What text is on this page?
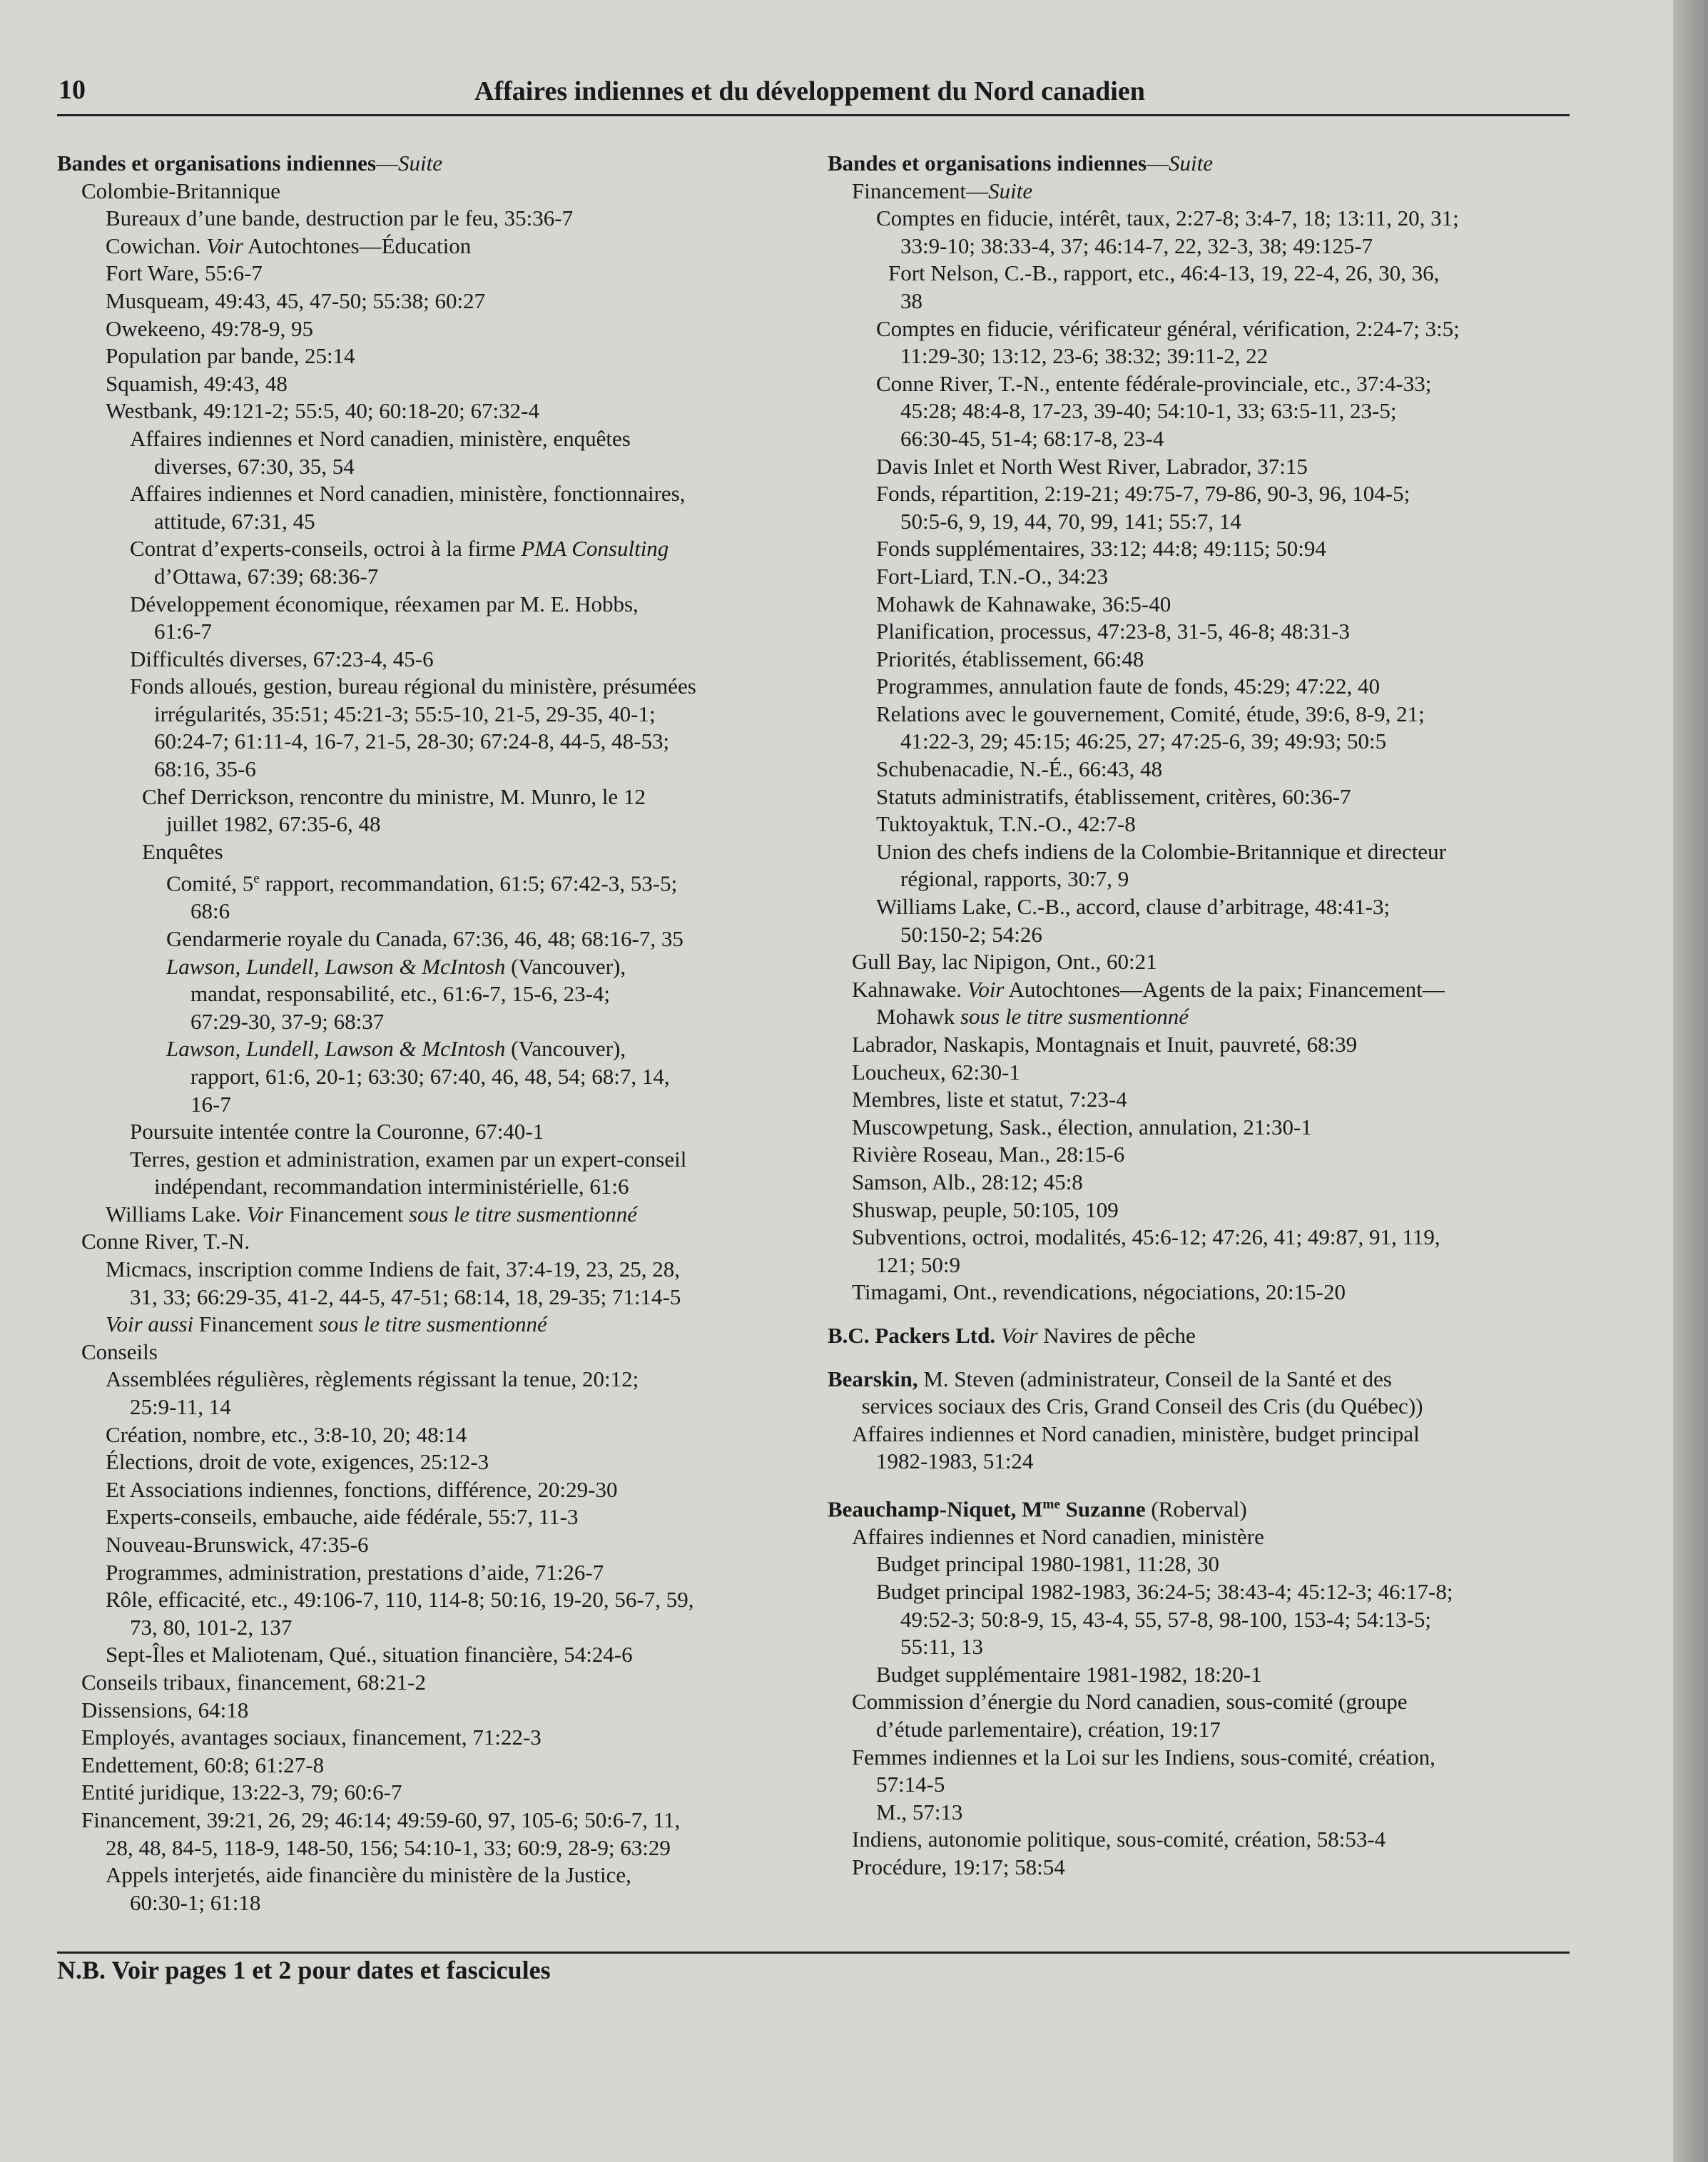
10	Affaires indiennes et du développement du Nord canadien
Bandes et organisations indiennes—Suite
Colombie-Britannique
Bureaux d’une bande, destruction par le feu, 35:36-7
Cowichan. Voir Autochtones—Éducation
Fort Ware, 55:6-7
Musqueam, 49:43, 45, 47-50; 55:38; 60:27
Owekeeno, 49:78-9, 95
Population par bande, 25:14
Squamish, 49:43, 48
Westbank, 49:121-2; 55:5, 40; 60:18-20; 67:32-4
Affaires indiennes et Nord canadien, ministère, enquêtes
diverses, 67:30, 35, 54
Affaires indiennes et Nord canadien, ministère, fonctionnaires,
attitude, 67:31, 45
Contrat d’experts-conseils, octroi à la firme PMA Consulting
d’Ottawa, 67:39; 68:36-7
Développement économique, réexamen par M. E. Hobbs,
61:6-7
Difficultés diverses, 67:23-4, 45-6
Fonds alloués, gestion, bureau régional du ministère, présumées
irrégularités, 35:51; 45:21-3; 55:5-10, 21-5, 29-35, 40-1;
60:24-7; 61:11-4, 16-7, 21-5, 28-30; 67:24-8, 44-5, 48-53;
68:16, 35-6
Chef Derrickson, rencontre du ministre, M. Munro, le 12
juillet 1982, 67:35-6, 48
Enquêtes
Comité, 5e rapport, recommandation, 61:5; 67:42-3, 53-5;
68:6
Gendarmerie royale du Canada, 67:36, 46, 48; 68:16-7, 35
Lawson, Lundell, Lawson & McIntosh (Vancouver),
mandat, responsabilité, etc., 61:6-7, 15-6, 23-4;
67:29-30, 37-9; 68:37
Lawson, Lundell, Lawson & McIntosh (Vancouver),
rapport, 61:6, 20-1; 63:30; 67:40, 46, 48, 54; 68:7, 14,
16-7
Poursuite intentée contre la Couronne, 67:40-1
Terres, gestion et administration, examen par un expert-conseil
indépendant, recommandation interministérielle, 61:6
Williams Lake. Voir Financement sous le titre susmentionné
Conne River, T.-N.
Micmacs, inscription comme Indiens de fait, 37:4-19, 23, 25, 28,
31, 33; 66:29-35, 41-2, 44-5, 47-51; 68:14, 18, 29-35; 71:14-5
Voir aussi Financement sous le titre susmentionné
Conseils
Assemblées régulières, règlements régissant la tenue, 20:12;
25:9-11, 14
Création, nombre, etc., 3:8-10, 20; 48:14
Élections, droit de vote, exigences, 25:12-3
Et Associations indiennes, fonctions, différence, 20:29-30
Experts-conseils, embauche, aide fédérale, 55:7, 11-3
Nouveau-Brunswick, 47:35-6
Programmes, administration, prestations d’aide, 71:26-7
Rôle, efficacité, etc., 49:106-7, 110, 114-8; 50:16, 19-20, 56-7, 59,
73, 80, 101-2, 137
Sept-Îles et Maliotenam, Qué., situation financière, 54:24-6
Conseils tribaux, financement, 68:21-2
Dissensions, 64:18
Employés, avantages sociaux, financement, 71:22-3
Endettement, 60:8; 61:27-8
Entité juridique, 13:22-3, 79; 60:6-7
Financement, 39:21, 26, 29; 46:14; 49:59-60, 97, 105-6; 50:6-7, 11,
28, 48, 84-5, 118-9, 148-50, 156; 54:10-1, 33; 60:9, 28-9; 63:29
Appels interjetés, aide financière du ministère de la Justice,
60:30-1; 61:18
Bandes et organisations indiennes—Suite
Financement—Suite
Comptes en fiducie, intérêt, taux, 2:27-8; 3:4-7, 18; 13:11, 20, 31;
33:9-10; 38:33-4, 37; 46:14-7, 22, 32-3, 38; 49:125-7
Fort Nelson, C.-B., rapport, etc., 46:4-13, 19, 22-4, 26, 30, 36,
38
Comptes en fiducie, vérificateur général, vérification, 2:24-7; 3:5;
11:29-30; 13:12, 23-6; 38:32; 39:11-2, 22
Conne River, T.-N., entente fédérale-provinciale, etc., 37:4-33;
45:28; 48:4-8, 17-23, 39-40; 54:10-1, 33; 63:5-11, 23-5;
66:30-45, 51-4; 68:17-8, 23-4
Davis Inlet et North West River, Labrador, 37:15
Fonds, répartition, 2:19-21; 49:75-7, 79-86, 90-3, 96, 104-5;
50:5-6, 9, 19, 44, 70, 99, 141; 55:7, 14
Fonds supplémentaires, 33:12; 44:8; 49:115; 50:94
Fort-Liard, T.N.-O., 34:23
Mohawk de Kahnawake, 36:5-40
Planification, processus, 47:23-8, 31-5, 46-8; 48:31-3
Priorités, établissement, 66:48
Programmes, annulation faute de fonds, 45:29; 47:22, 40
Relations avec le gouvernement, Comité, étude, 39:6, 8-9, 21;
41:22-3, 29; 45:15; 46:25, 27; 47:25-6, 39; 49:93; 50:5
Schubenacadie, N.-É., 66:43, 48
Statuts administratifs, établissement, critères, 60:36-7
Tuktoyaktuk, T.N.-O., 42:7-8
Union des chefs indiens de la Colombie-Britannique et directeur
régional, rapports, 30:7, 9
Williams Lake, C.-B., accord, clause d’arbitrage, 48:41-3;
50:150-2; 54:26
Gull Bay, lac Nipigon, Ont., 60:21
Kahnawake. Voir Autochtones—Agents de la paix; Financement—
Mohawk sous le titre susmentionné
Labrador, Naskapis, Montagnais et Inuit, pauvreté, 68:39
Loucheux, 62:30-1
Membres, liste et statut, 7:23-4
Muscowpetung, Sask., élection, annulation, 21:30-1
Rivière Roseau, Man., 28:15-6
Samson, Alb., 28:12; 45:8
Shuswap, peuple, 50:105, 109
Subventions, octroi, modalités, 45:6-12; 47:26, 41; 49:87, 91, 119,
121; 50:9
Timagami, Ont., revendications, négociations, 20:15-20
B.C. Packers Ltd. Voir Navires de pêche
Bearskin, M. Steven (administrateur, Conseil de la Santé et des
services sociaux des Cris, Grand Conseil des Cris (du Québec))
Affaires indiennes et Nord canadien, ministère, budget principal
1982-1983, 51:24
Beauchamp-Niquet, $M^{me}$ Suzanne (Roberval)
Affaires indiennes et Nord canadien, ministère
Budget principal 1980-1981, 11:28, 30
Budget principal 1982-1983, 36:24-5; 38:43-4; 45:12-3; 46:17-8;
49:52-3; 50:8-9, 15, 43-4, 55, 57-8, 98-100, 153-4; 54:13-5;
55:11, 13
Budget supplémentaire 1981-1982, 18:20-1
Commission d’énergie du Nord canadien, sous-comité (groupe
d’étude parlementaire), création, 19:17
Femmes indiennes et la Loi sur les Indiens, sous-comité, création,
57:14-5
M., 57:13
Indiens, autonomie politique, sous-comité, création, 58:53-4
Procédure, 19:17; 58:54
N.B. Voir pages 1 et 2 pour dates et fascicules
